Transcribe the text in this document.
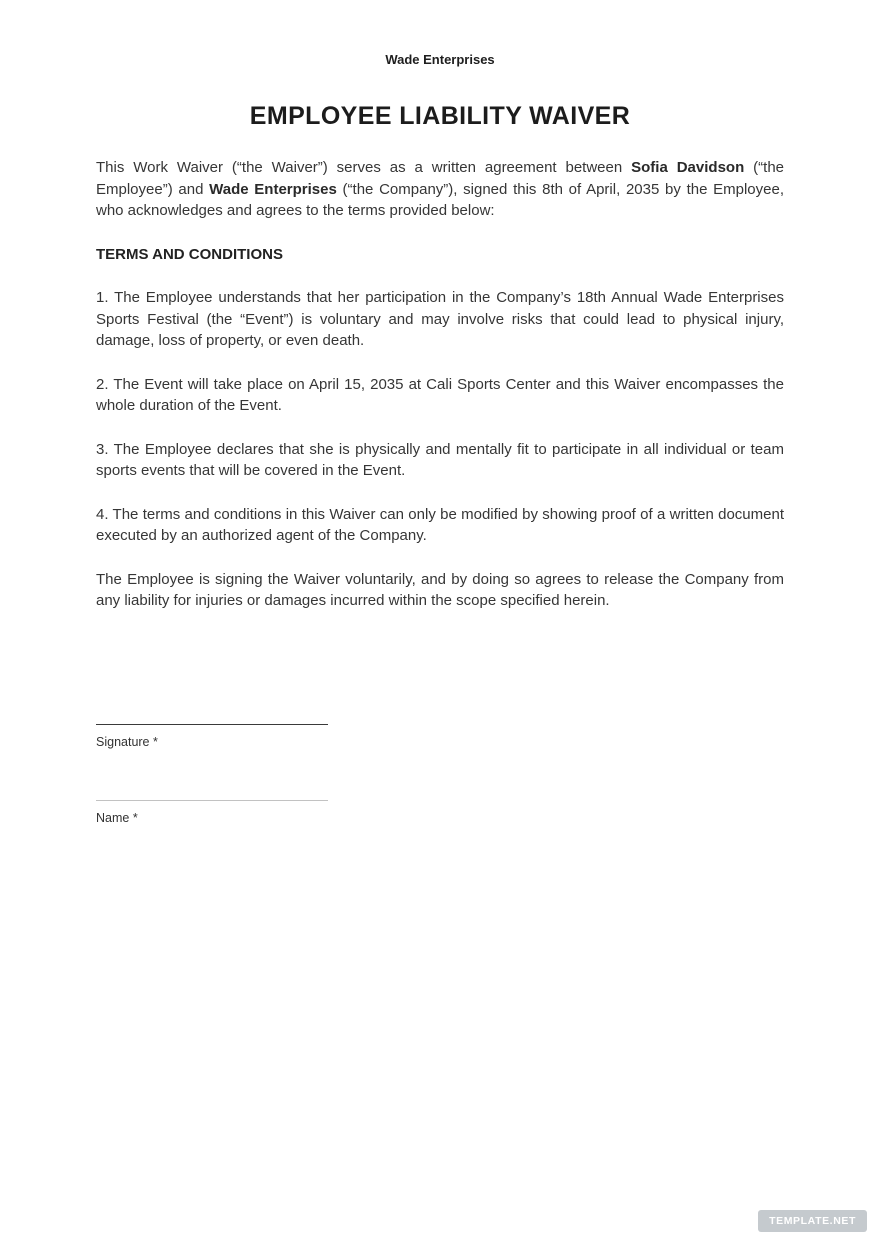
Wade Enterprises
EMPLOYEE LIABILITY WAIVER

This Work Waiver (“the Waiver”) serves as a written agreement between Sofia Davidson (“the Employee”) and Wade Enterprises (“the Company”), signed this 8th of April, 2035 by the Employee, who acknowledges and agrees to the terms provided below:

TERMS AND CONDITIONS

1. The Employee understands that her participation in the Company’s 18th Annual Wade Enterprises Sports Festival (the “Event”) is voluntary and may involve risks that could lead to physical injury, damage, loss of property, or even death.

2. The Event will take place on April 15, 2035 at Cali Sports Center and this Waiver encompasses the whole duration of the Event.

3. The Employee declares that she is physically and mentally fit to participate in all individual or team sports events that will be covered in the Event.

4. The terms and conditions in this Waiver can only be modified by showing proof of a written document executed by an authorized agent of the Company.

The Employee is signing the Waiver voluntarily, and by doing so agrees to release the Company from any liability for injuries or damages incurred within the scope specified herein.

Signature *
Name *
TEMPLATE.NET
